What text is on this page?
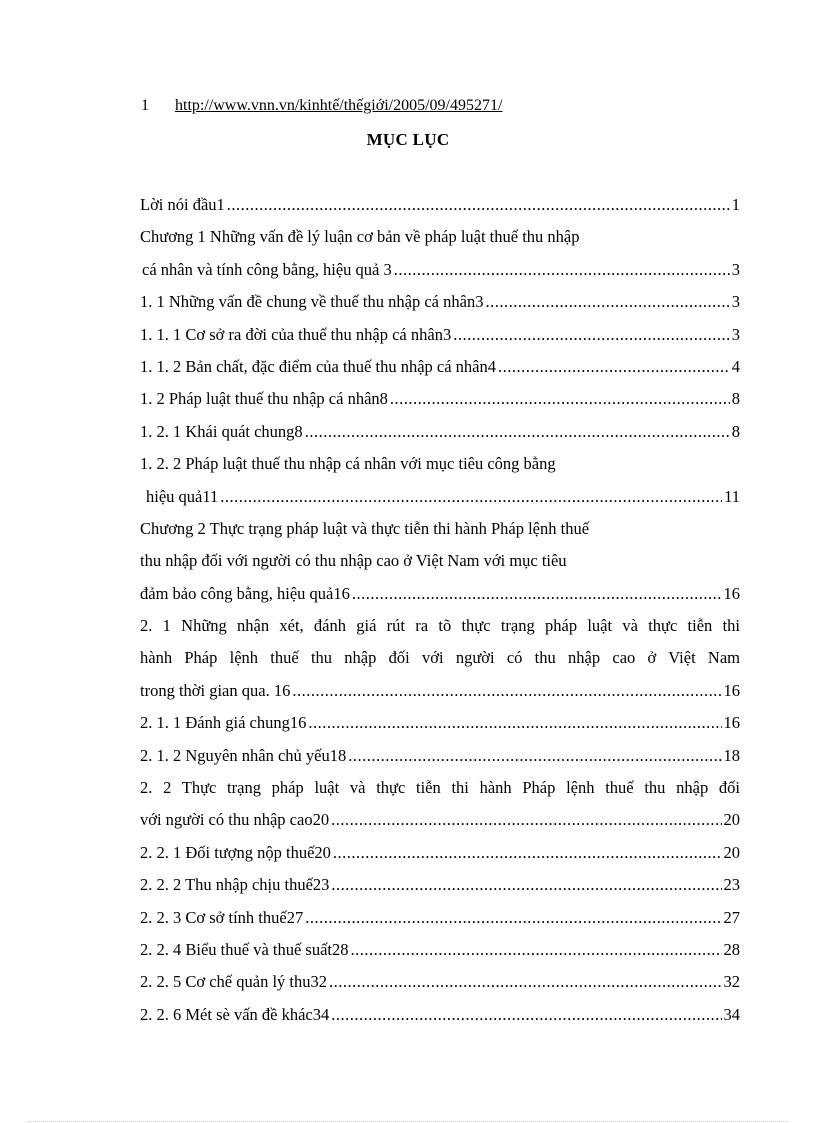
1 http://www.vnn.vn/kinhtế/thếgiới/2005/09/495271/
MỤC LỤC
Lời nói đầu1 .....	1
Chương 1 Những vấn đề lý luận cơ bản về pháp luật thuế thu nhập
cá nhân và tính công bằng, hiệu quả 3 .....	3
1. 1 Những vấn đề chung về thuế thu nhập cá nhân3 .....	3
1. 1. 1 Cơ sở ra đời của thuế thu nhập cá nhân3 .....	3
1. 1. 2 Bản chất, đặc điểm của thuế thu nhập cá nhân4 .....	4
1. 2 Pháp luật thuế thu nhập cá nhân8 .....	8
1. 2. 1 Khái quát chung8 .....	8
1. 2. 2 Pháp luật thuế thu nhập cá nhân với mục tiêu công bằng
hiệu quả11 .....	11
Chương 2 Thực trạng pháp luật và thực tiễn thi hành Pháp lệnh thuế
thu nhập đối với người có thu nhập cao ở Việt Nam với mục tiêu
đảm bảo công bằng, hiệu quả16 .....	16
2. 1 Những nhận xét, đánh giá rút ra tõ thực trạng pháp luật và thực tiễn thi
hành Pháp lệnh thuế thu nhập đối với người có thu nhập cao ở Việt Nam
trong thời gian qua. 16 .....	16
2. 1. 1 Đánh giá chung16 .....	16
2. 1. 2 Nguyên nhân chủ yếu18 .....	18
2. 2 Thực trạng pháp luật và thực tiễn thi hành Pháp lệnh thuế thu nhập đối
với người có thu nhập cao20 .....	20
2. 2. 1 Đối tượng nộp thuế20 .....	20
2. 2. 2 Thu nhập chịu thuế23 .....	23
2. 2. 3 Cơ sở tính thuế27 .....	27
2. 2. 4 Biểu thuế và thuế suất28 .....	28
2. 2. 5 Cơ chế quản lý thu32 .....	32
2. 2. 6 Mét sè vấn đề khác34 .....	34
